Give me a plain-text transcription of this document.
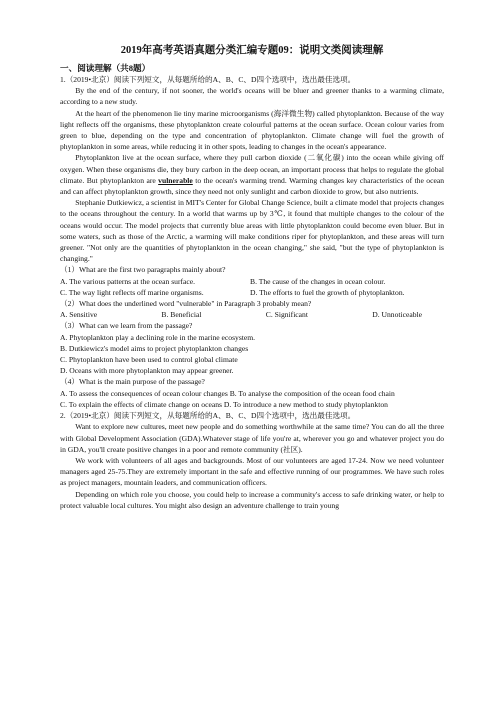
2019年高考英语真题分类汇编专题09：说明文类阅读理解
一、阅读理解（共8题）

1.（2019•北京）阅读下列短文，从每题所给的A、B、C、D四个选项中，选出最佳选项。

By the end of the century, if not sooner, the world's oceans will be bluer and greener thanks to a warming climate, according to a new study.

At the heart of the phenomenon lie tiny marine microorganisms (海洋微生物) called phytoplankton. Because of the way light reflects off the organisms, these phytoplankton create colourful patterns at the ocean surface. Ocean colour varies from green to blue, depending on the type and concentration of phytoplankton. Climate change will fuel the growth of phytoplankton in some areas, while reducing it in other spots, leading to changes in the ocean's appearance.

Phytoplankton live at the ocean surface, where they pull carbon dioxide (二氧化碳) into the ocean while giving off oxygen. When these organisms die, they bury carbon in the deep ocean, an important process that helps to regulate the global climate. But phytoplankton are vulnerable to the ocean's warming trend. Warming changes key characteristics of the ocean and can affect phytoplankton growth, since they need not only sunlight and carbon dioxide to grow, but also nutrients.

Stephanie Dutkiewicz, a scientist in MIT's Center for Global Change Science, built a climate model that projects changes to the oceans throughout the century. In a world that warms up by 3℃, it found that multiple changes to the colour of the oceans would occur. The model projects that currently blue areas with little phytoplankton could become even bluer. But in some waters, such as those of the Arctic, a warming will make conditions riper for phytoplankton, and these areas will turn greener. "Not only are the quantities of phytoplankton in the ocean changing," she said, "but the type of phytoplankton is changing."

（1）What are the first two paragraphs mainly about?

A. The various patterns at the ocean surface.	B. The cause of the changes in ocean colour.
C. The way light reflects off marine organisms.	D. The efforts to fuel the growth of phytoplankton.

（2）What does the underlined word "vulnerable" in Paragraph 3 probably mean?

A. Sensitive	B. Beneficial	C. Significant	D. Unnoticeable

（3）What can we learn from the passage?

A. Phytoplankton play a declining role in the marine ecosystem.

B. Dutkiewicz's model aims to project phytoplankton changes

C. Phytoplankton have been used to control global climate

D. Oceans with more phytoplankton may appear greener.

（4）What is the main purpose of the passage?

A. To assess the consequences of ocean colour changes B. To analyse the composition of the ocean food chain

C. To explain the effects of climate change on oceans D. To introduce a new method to study phytoplankton

2.（2019•北京）阅读下列短文，从每题所给的A、B、C、D四个选项中，选出最佳选项。

Want to explore new cultures, meet new people and do something worthwhile at the same time? You can do all the three with Global Development Association (GDA).Whatever stage of life you're at, wherever you go and whatever project you do in GDA, you'll create positive changes in a poor and remote community (社区).

We work with volunteers of all ages and backgrounds. Most of our volunteers are aged 17-24. Now we need volunteer managers aged 25-75.They are extremely important in the safe and effective running of our programmes. We have such roles as project managers, mountain leaders, and communication officers.

Depending on which role you choose, you could help to increase a community's access to safe drinking water, or help to protect valuable local cultures. You might also design an adventure challenge to train young
